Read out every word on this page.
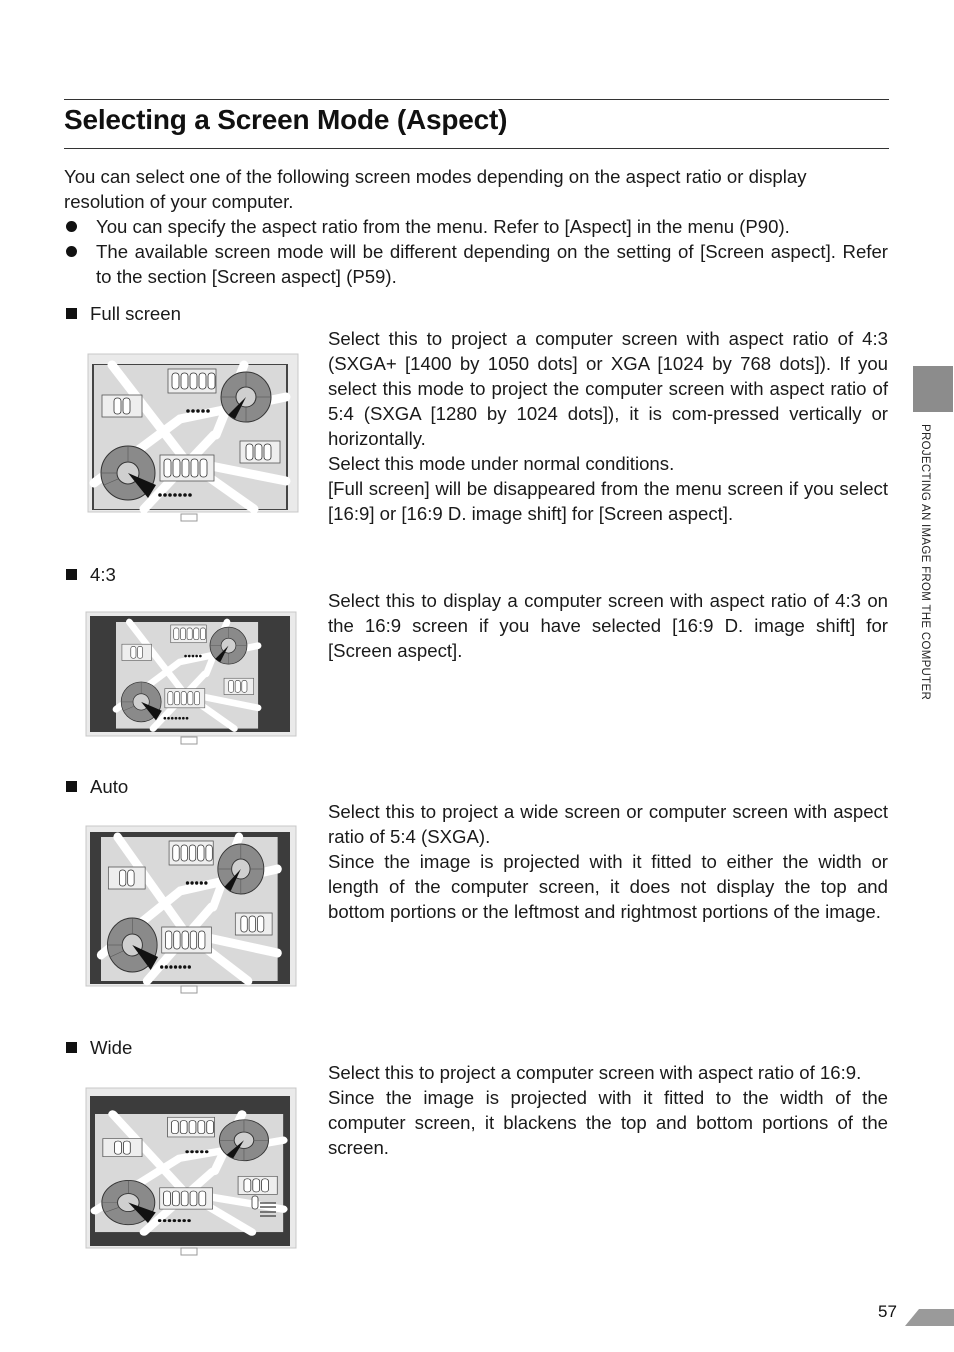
Selecting a Screen Mode (Aspect)

You can select one of the following screen modes depending on the aspect ratio or display resolution of your computer.

You can specify the aspect ratio from the menu. Refer to [Aspect] in the menu (P90).
The available screen mode will be different depending on the setting of [Screen aspect]. Refer to the section [Screen aspect] (P59).
Full screen

Select this to project a computer screen with aspect ratio of 4:3 (SXGA+ [1400 by 1050 dots] or XGA [1024 by 768 dots]). If you select this mode to project the computer screen with aspect ratio of 5:4 (SXGA [1280 by 1024 dots]), it is com-pressed vertically or horizontally.

Select this mode under normal conditions.

[Full screen] will be disappeared from the menu screen if you select [16:9] or [16:9 D. image shift] for [Screen aspect].

4:3

Select this to display a computer screen with aspect ratio of 4:3 on the 16:9 screen if you have selected [16:9 D. image shift] for [Screen aspect].

Auto

Select this to project a wide screen or computer screen with aspect ratio of 5:4 (SXGA).

Since the image is projected with it fitted to either the width or length of the computer screen, it does not display the top and bottom portions or the leftmost and rightmost portions of the image.

Wide

Select this to project a computer screen with aspect ratio of 16:9.

Since the image is projected with it fitted to the width of the computer screen, it blackens the top and bottom portions of the screen.

PROJECTING AN IMAGE FROM THE COMPUTER
57
